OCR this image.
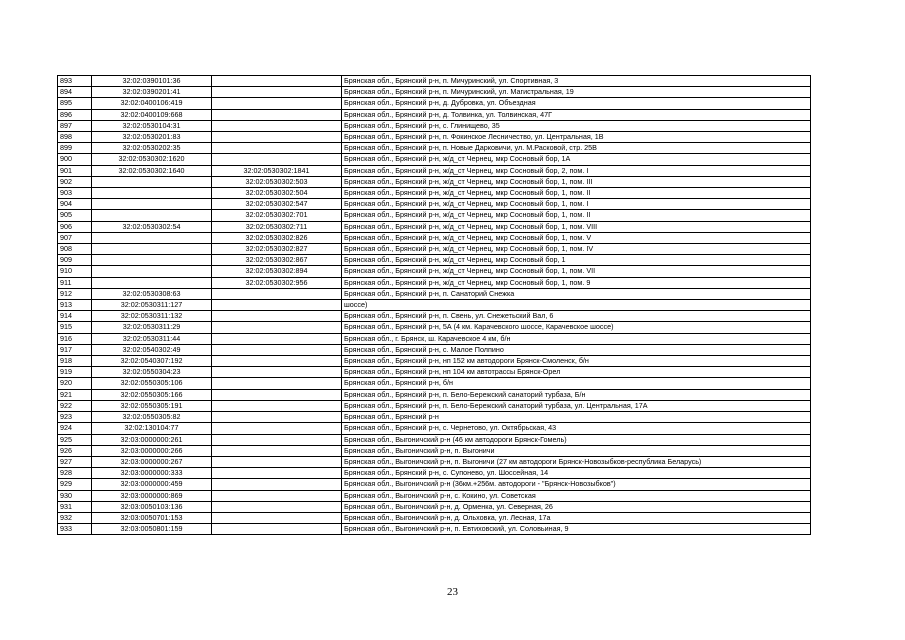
893	32:02:0390101:36		Брянская обл., Брянский р-н, п. Мичуринский, ул. Спортивная, 3
894	32:02:0390201:41		Брянская обл., Брянский р-н, п. Мичуринский, ул. Магистральная, 19
895	32:02:0400106:419		Брянская обл., Брянский р-н, д. Дубровка, ул. Объездная
896	32:02:0400109:668		Брянская обл., Брянский р-н, д. Толвинка, ул. Толвинская, 47Г
897	32:02:0530104:31		Брянская обл., Брянский р-н, с. Глинищево, 35
898	32:02:0530201:83		Брянская обл., Брянский р-н, п. Фокинское Лесничество, ул. Центральная, 1В
899	32:02:0530202:35		Брянская обл., Брянский р-н, п. Новые Дарковичи, ул. М.Расковой, стр. 25В
900	32:02:0530302:1620		Брянская обл., Брянский р-н, ж/д_ст Чернец, мкр Сосновый бор, 1А
901	32:02:0530302:1640	32:02:0530302:1841	Брянская обл., Брянский р-н, ж/д_ст Чернец, мкр Сосновый бор, 2, пом. I
902		32:02:0530302:503	Брянская обл., Брянский р-н, ж/д_ст Чернец, мкр Сосновый бор, 1, пом. III
903		32:02:0530302:504	Брянская обл., Брянский р-н, ж/д_ст Чернец, мкр Сосновый бор, 1, пом. II
904		32:02:0530302:547	Брянская обл., Брянский р-н, ж/д_ст Чернец, мкр Сосновый бор, 1, пом. I
905		32:02:0530302:701	Брянская обл., Брянский р-н, ж/д_ст Чернец, мкр Сосновый бор, 1, пом. II
906	32:02:0530302:54	32:02:0530302:711	Брянская обл., Брянский р-н, ж/д_ст Чернец, мкр Сосновый бор, 1, пом. VIII
907		32:02:0530302:826	Брянская обл., Брянский р-н, ж/д_ст Чернец, мкр Сосновый бор, 1, пом. V
908		32:02:0530302:827	Брянская обл., Брянский р-н, ж/д_ст Чернец, мкр Сосновый бор, 1, пом. IV
909		32:02:0530302:867	Брянская обл., Брянский р-н, ж/д_ст Чернец, мкр Сосновый бор, 1
910		32:02:0530302:894	Брянская обл., Брянский р-н, ж/д_ст Чернец, мкр Сосновый бор, 1, пом. VII
911		32:02:0530302:956	Брянская обл., Брянский р-н, ж/д_ст Чернец, мкр Сосновый бор, 1, пом. 9
912	32:02:0530308:63		Брянская обл., Брянский р-н, п. Санаторий Снежка
913	32:02:0530311:127		шоссе)
914	32:02:0530311:132		Брянская обл., Брянский р-н, п. Свень, ул. Снежетьский Вал, 6
915	32:02:0530311:29		Брянская обл., Брянский р-н, 5А (4 км. Карачевского шоссе, Карачевское шоссе)
916	32:02:0530311:44		Брянская обл., г. Брянск, ш. Карачевское 4 км, б/н
917	32:02:0540302:49		Брянская обл., Брянский р-н, с. Малое Полпино
918	32:02:0540307:192		Брянская обл., Брянский р-н, нп 152 км автодороги Брянск-Смоленск, б/н
919	32:02:0550304:23		Брянская обл., Брянский р-н, нп 104 км автотрассы Брянск-Орел
920	32:02:0550305:106		Брянская обл., Брянский р-н, б/н
921	32:02:0550305:166		Брянская обл., Брянский р-н, п. Бело-Бережский санаторий турбаза, Б/н
922	32:02:0550305:191		Брянская обл., Брянский р-н, п. Бело-Бережский санаторий турбаза, ул. Центральная, 17А
923	32:02:0550305:82		Брянская обл., Брянский р-н
924	32:02:130104:77		Брянская обл., Брянский р-н, с. Чернетово, ул. Октябрьская, 43
925	32:03:0000000:261		Брянская обл., Выгоничский р-н (46 км автодороги Брянск-Гомель)
926	32:03:0000000:266		Брянская обл., Выгоничский р-н, п. Выгоничи
927	32:03:0000000:267		Брянская обл., Выгоничский р-н, п. Выгоничи (27 км автодороги Брянск-Новозыбков-республика Беларусь)
928	32:03:0000000:333		Брянская обл., Брянский р-н, с. Супонево, ул. Шоссейная, 14
929	32:03:0000000:459		Брянская обл., Выгоничский р-н (36км.+256м. автодороги - "Брянск-Новозыбков")
930	32:03:0000000:869		Брянская обл., Выгоничский р-н, с. Кокино, ул. Советская
931	32:03:0050103:136		Брянская обл., Выгоничский р-н, д. Орменка, ул. Северная, 26
932	32:03:0050701:153		Брянская обл., Выгоничский р-н, д. Ольховка, ул. Лесная, 17а
933	32:03:0050801:159		Брянская обл., Выгоничский р-н, п. Евтиховский, ул. Соловьиная, 9
23
